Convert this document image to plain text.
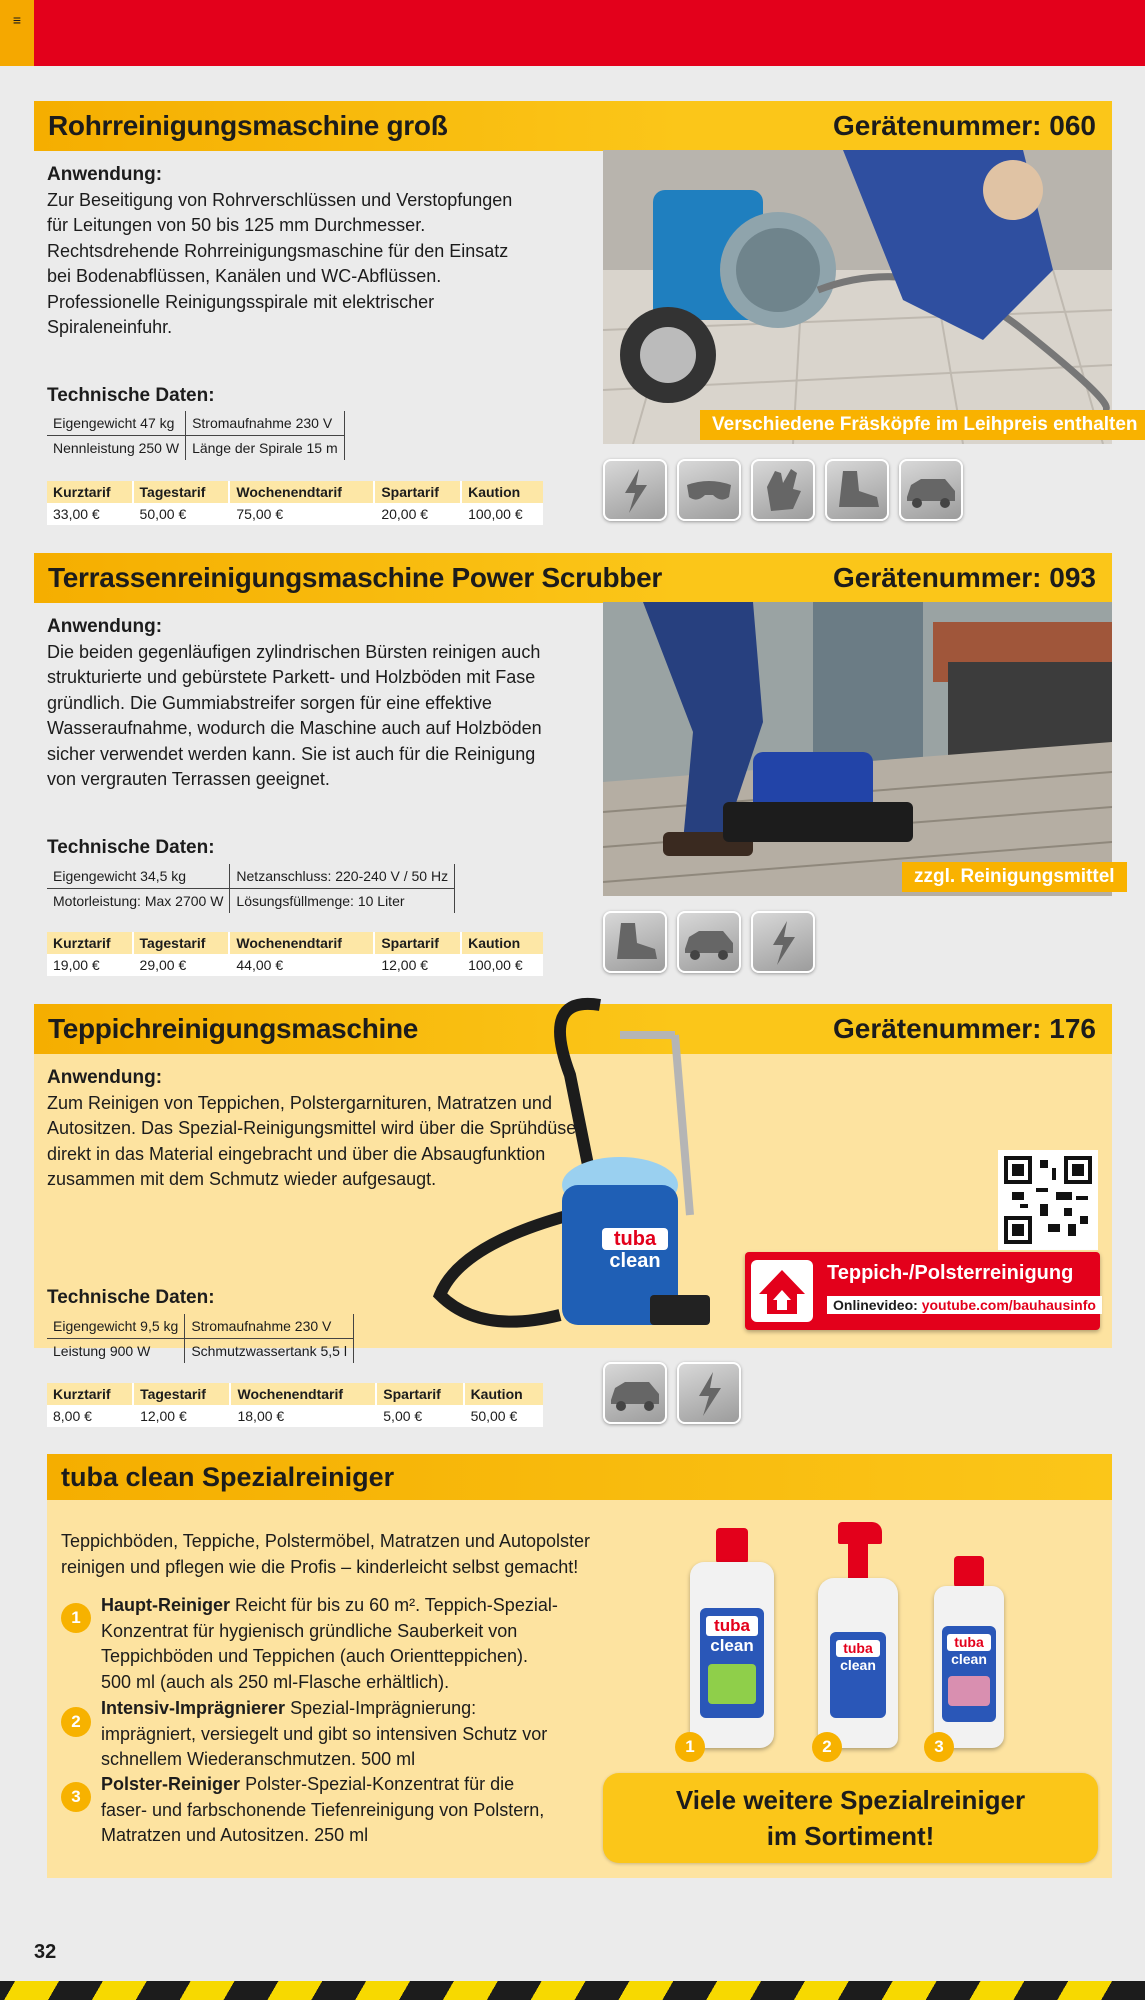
≡
Rohrreinigungsmaschine groß	Gerätenummer: 060
Anwendung:
Zur Beseitigung von Rohrverschlüssen und Verstopfungen für Leitungen von 50 bis 125 mm Durchmesser. Rechtsdrehende Rohrreinigungsmaschine für den Einsatz bei Bodenabflüssen, Kanälen und WC-Abflüssen. Professionelle Reinigungsspirale mit elektrischer Spiraleneinfuhr.
Technische Daten:
Eigengewicht 47 kg	Stromaufnahme 230 V
Nennleistung 250 W	Länge der Spirale 15 m
Kurztarif	Tagestarif	Wochenendtarif	Spartarif	Kaution
33,00 €	50,00 €	75,00 €	20,00 €	100,00 €
Verschiedene Fräsköpfe im Leihpreis enthalten
Terrassenreinigungsmaschine Power Scrubber	Gerätenummer: 093
Anwendung:
Die beiden gegenläufigen zylindrischen Bürsten reinigen auch strukturierte und gebürstete Parkett- und Holzböden mit Fase gründlich. Die Gummiabstreifer sorgen für eine effektive Wasseraufnahme, wodurch die Maschine auch auf Holzböden sicher verwendet werden kann. Sie ist auch für die Reinigung von vergrauten Terrassen geeignet.
Technische Daten:
Eigengewicht 34,5 kg	Netzanschluss: 220-240 V / 50 Hz
Motorleistung: Max 2700 W	Lösungsfüllmenge: 10 Liter
Kurztarif	Tagestarif	Wochenendtarif	Spartarif	Kaution
19,00 €	29,00 €	44,00 €	12,00 €	100,00 €
zzgl. Reinigungsmittel
Teppichreinigungsmaschine	Gerätenummer: 176
Anwendung:
Zum Reinigen von Teppichen, Polstergarnituren, Matratzen und Autositzen. Das Spezial-Reinigungsmittel wird über die Sprühdüse direkt in das Material eingebracht und über die Absaugfunktion zusammen mit dem Schmutz wieder aufgesaugt.
Technische Daten:
Eigengewicht 9,5 kg	Stromaufnahme 230 V
Leistung 900 W	Schmutzwassertank 5,5 l
Kurztarif	Tagestarif	Wochenendtarif	Spartarif	Kaution
8,00 €	12,00 €	18,00 €	5,00 €	50,00 €
tuba
clean
Teppich-/Polsterreinigung
Onlinevideo: youtube.com/bauhausinfo
tuba clean Spezialreiniger
Teppichböden, Teppiche, Polstermöbel, Matratzen und Autopolster reinigen und pflegen wie die Profis – kinderleicht selbst gemacht!
1
Haupt-Reiniger Reicht für bis zu 60 m². Teppich-Spezial-Konzentrat für hygienisch gründliche Sauberkeit von Teppichböden und Teppichen (auch Orientteppichen). 500 ml (auch als 250 ml-Flasche erhältlich).
2
Intensiv-Imprägnierer Spezial-Imprägnierung: imprägniert, versiegelt und gibt so intensiven Schutz vor schnellem Wiederanschmutzen. 500 ml
3
Polster-Reiniger Polster-Spezial-Konzentrat für die faser- und farbschonende Tiefenreinigung von Polstern, Matratzen und Autositzen. 250 ml
tuba
clean	tuba
clean
tuba
clean
1	2	3
Viele weitere Spezialreiniger
im Sortiment!
32
